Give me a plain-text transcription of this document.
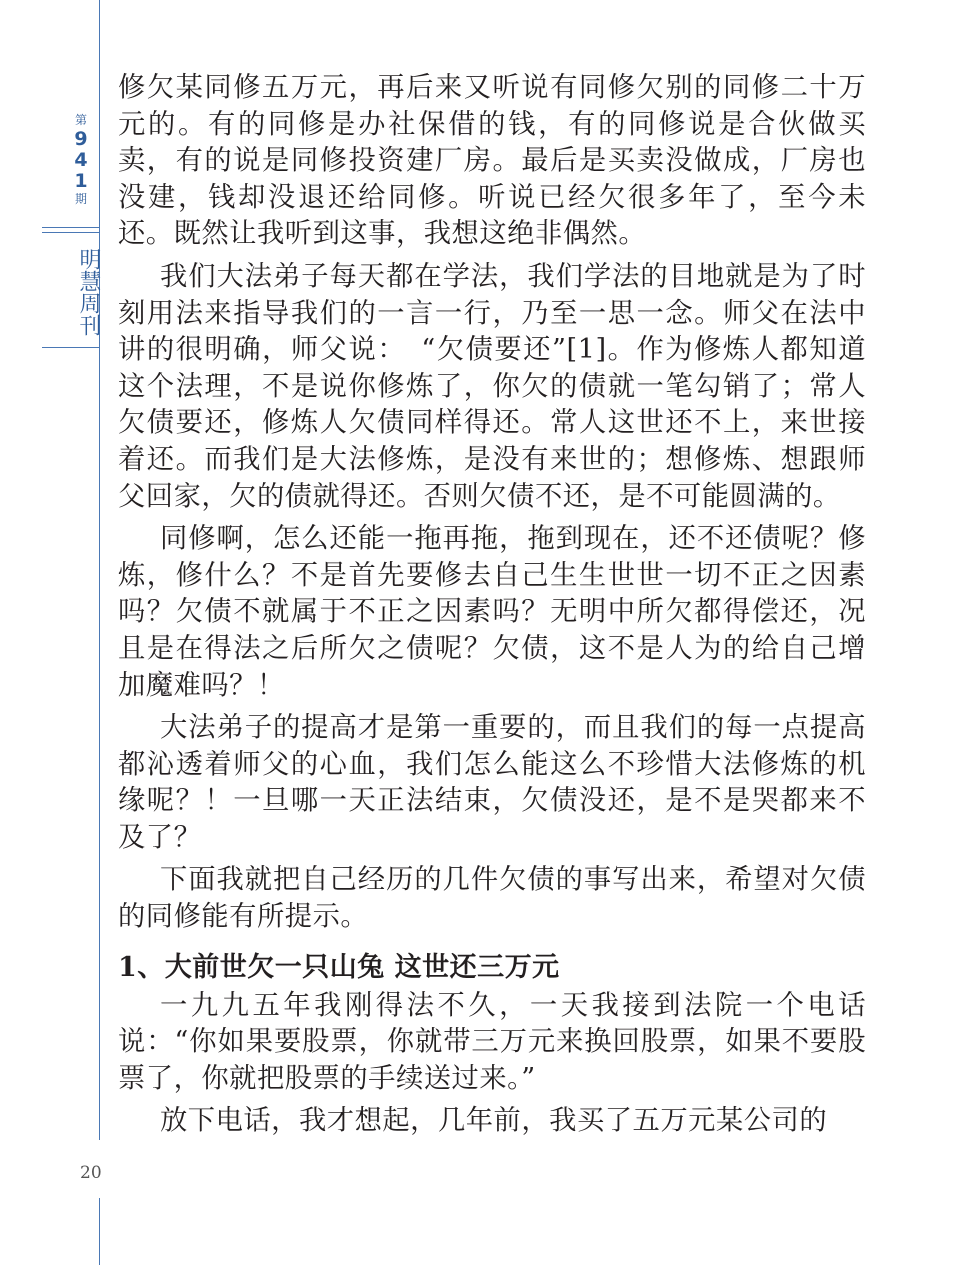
第
9
4
1
期
明慧周刊
20

修欠某同修五万元，再后来又听说有同修欠别的同修二十万元的。有的同修是办社保借的钱，有的同修说是合伙做买卖，有的说是同修投资建厂房。最后是买卖没做成，厂房也没建，钱却没退还给同修。听说已经欠很多年了，至今未还。既然让我听到这事，我想这绝非偶然。

我们大法弟子每天都在学法，我们学法的目地就是为了时刻用法来指导我们的一言一行，乃至一思一念。师父在法中讲的很明确，师父说：　“欠债要还”[1]。作为修炼人都知道这个法理，不是说你修炼了，你欠的债就一笔勾销了；常人欠债要还，修炼人欠债同样得还。常人这世还不上，来世接着还。而我们是大法修炼，是没有来世的；想修炼、想跟师父回家，欠的债就得还。否则欠债不还，是不可能圆满的。

同修啊，怎么还能一拖再拖，拖到现在，还不还债呢？修炼，修什么？不是首先要修去自己生生世世一切不正之因素吗？欠债不就属于不正之因素吗？无明中所欠都得偿还，况且是在得法之后所欠之债呢？欠债，这不是人为的给自己增加魔难吗？！

大法弟子的提高才是第一重要的，而且我们的每一点提高都沁透着师父的心血，我们怎么能这么不珍惜大法修炼的机缘呢？！一旦哪一天正法结束，欠债没还，是不是哭都来不及了？

下面我就把自己经历的几件欠债的事写出来，希望对欠债的同修能有所提示。

1、大前世欠一只山兔 这世还三万元

一九九五年我刚得法不久，一天我接到法院一个电话说：“你如果要股票，你就带三万元来换回股票，如果不要股票了，你就把股票的手续送过来。”

放下电话，我才想起，几年前，我买了五万元某公司的
